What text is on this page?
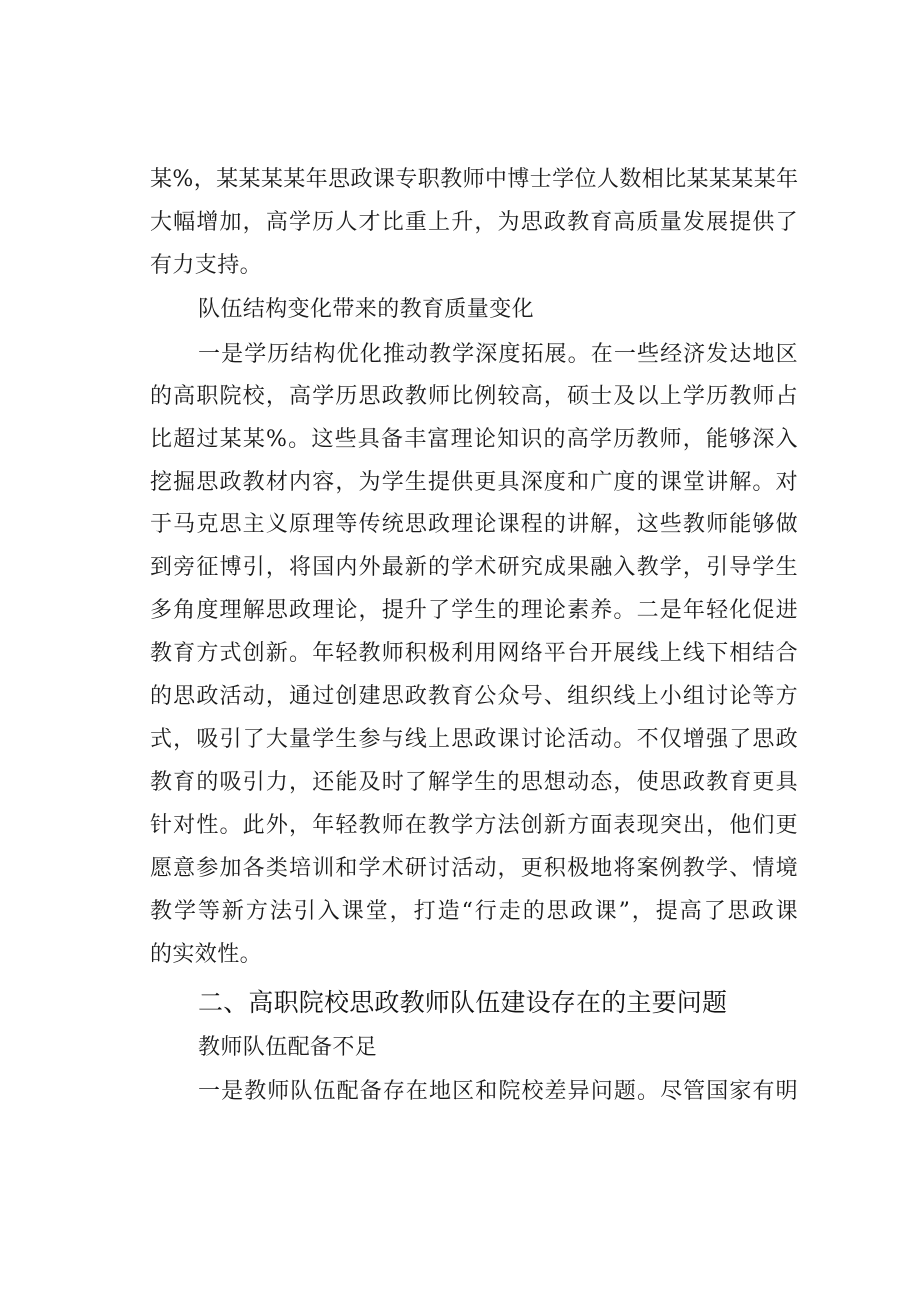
某%，某某某某年思政课专职教师中博士学位人数相比某某某某年
大幅增加，高学历人才比重上升，为思政教育高质量发展提供了
有力支持。
队伍结构变化带来的教育质量变化
一是学历结构优化推动教学深度拓展。在一些经济发达地区
的高职院校，高学历思政教师比例较高，硕士及以上学历教师占
比超过某某%。这些具备丰富理论知识的高学历教师，能够深入
挖掘思政教材内容，为学生提供更具深度和广度的课堂讲解。对
于马克思主义原理等传统思政理论课程的讲解，这些教师能够做
到旁征博引，将国内外最新的学术研究成果融入教学，引导学生
多角度理解思政理论，提升了学生的理论素养。二是年轻化促进
教育方式创新。年轻教师积极利用网络平台开展线上线下相结合
的思政活动，通过创建思政教育公众号、组织线上小组讨论等方
式，吸引了大量学生参与线上思政课讨论活动。不仅增强了思政
教育的吸引力，还能及时了解学生的思想动态，使思政教育更具
针对性。此外，年轻教师在教学方法创新方面表现突出，他们更
愿意参加各类培训和学术研讨活动，更积极地将案例教学、情境
教学等新方法引入课堂，打造“行走的思政课”，提高了思政课
的实效性。
二、高职院校思政教师队伍建设存在的主要问题
教师队伍配备不足
一是教师队伍配备存在地区和院校差异问题。尽管国家有明
